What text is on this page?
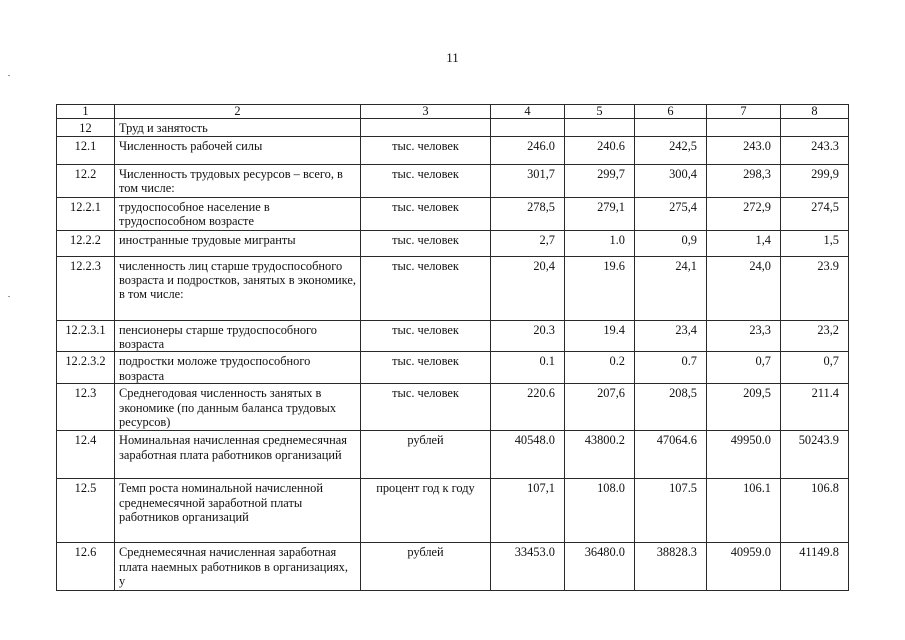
11
1	2	3	4	5	6	7	8
12	Труд и занятость						
12.1	Численность рабочей силы	тыс. человек	246.0	240.6	242,5	243.0	243.3
12.2	Численность трудовых ресурсов – всего, в том числе:	тыс. человек	301,7	299,7	300,4	298,3	299,9
12.2.1	трудоспособное население в трудоспособном возрасте	тыс. человек	278,5	279,1	275,4	272,9	274,5
12.2.2	иностранные трудовые мигранты	тыс. человек	2,7	1.0	0,9	1,4	1,5
12.2.3	численность лиц старше трудоспособного возраста и подростков, занятых в экономике, в том числе:	тыс. человек	20,4	19.6	24,1	24,0	23.9
12.2.3.1	пенсионеры старше трудоспособного возраста	тыс. человек	20.3	19.4	23,4	23,3	23,2
12.2.3.2	подростки моложе трудоспособного возраста	тыс. человек	0.1	0.2	0.7	0,7	0,7
12.3	Среднегодовая численность занятых в экономике (по данным баланса трудовых ресурсов)	тыс. человек	220.6	207,6	208,5	209,5	211.4
12.4	Номинальная начисленная среднемесячная заработная плата работников организаций	рублей	40548.0	43800.2	47064.6	49950.0	50243.9
12.5	Темп роста номинальной начисленной среднемесячной заработной платы работников организаций	процент год к году	107,1	108.0	107.5	106.1	106.8
12.6	Среднемесячная начисленная заработная плата наемных работников в организациях, у	рублей	33453.0	36480.0	38828.3	40959.0	41149.8
